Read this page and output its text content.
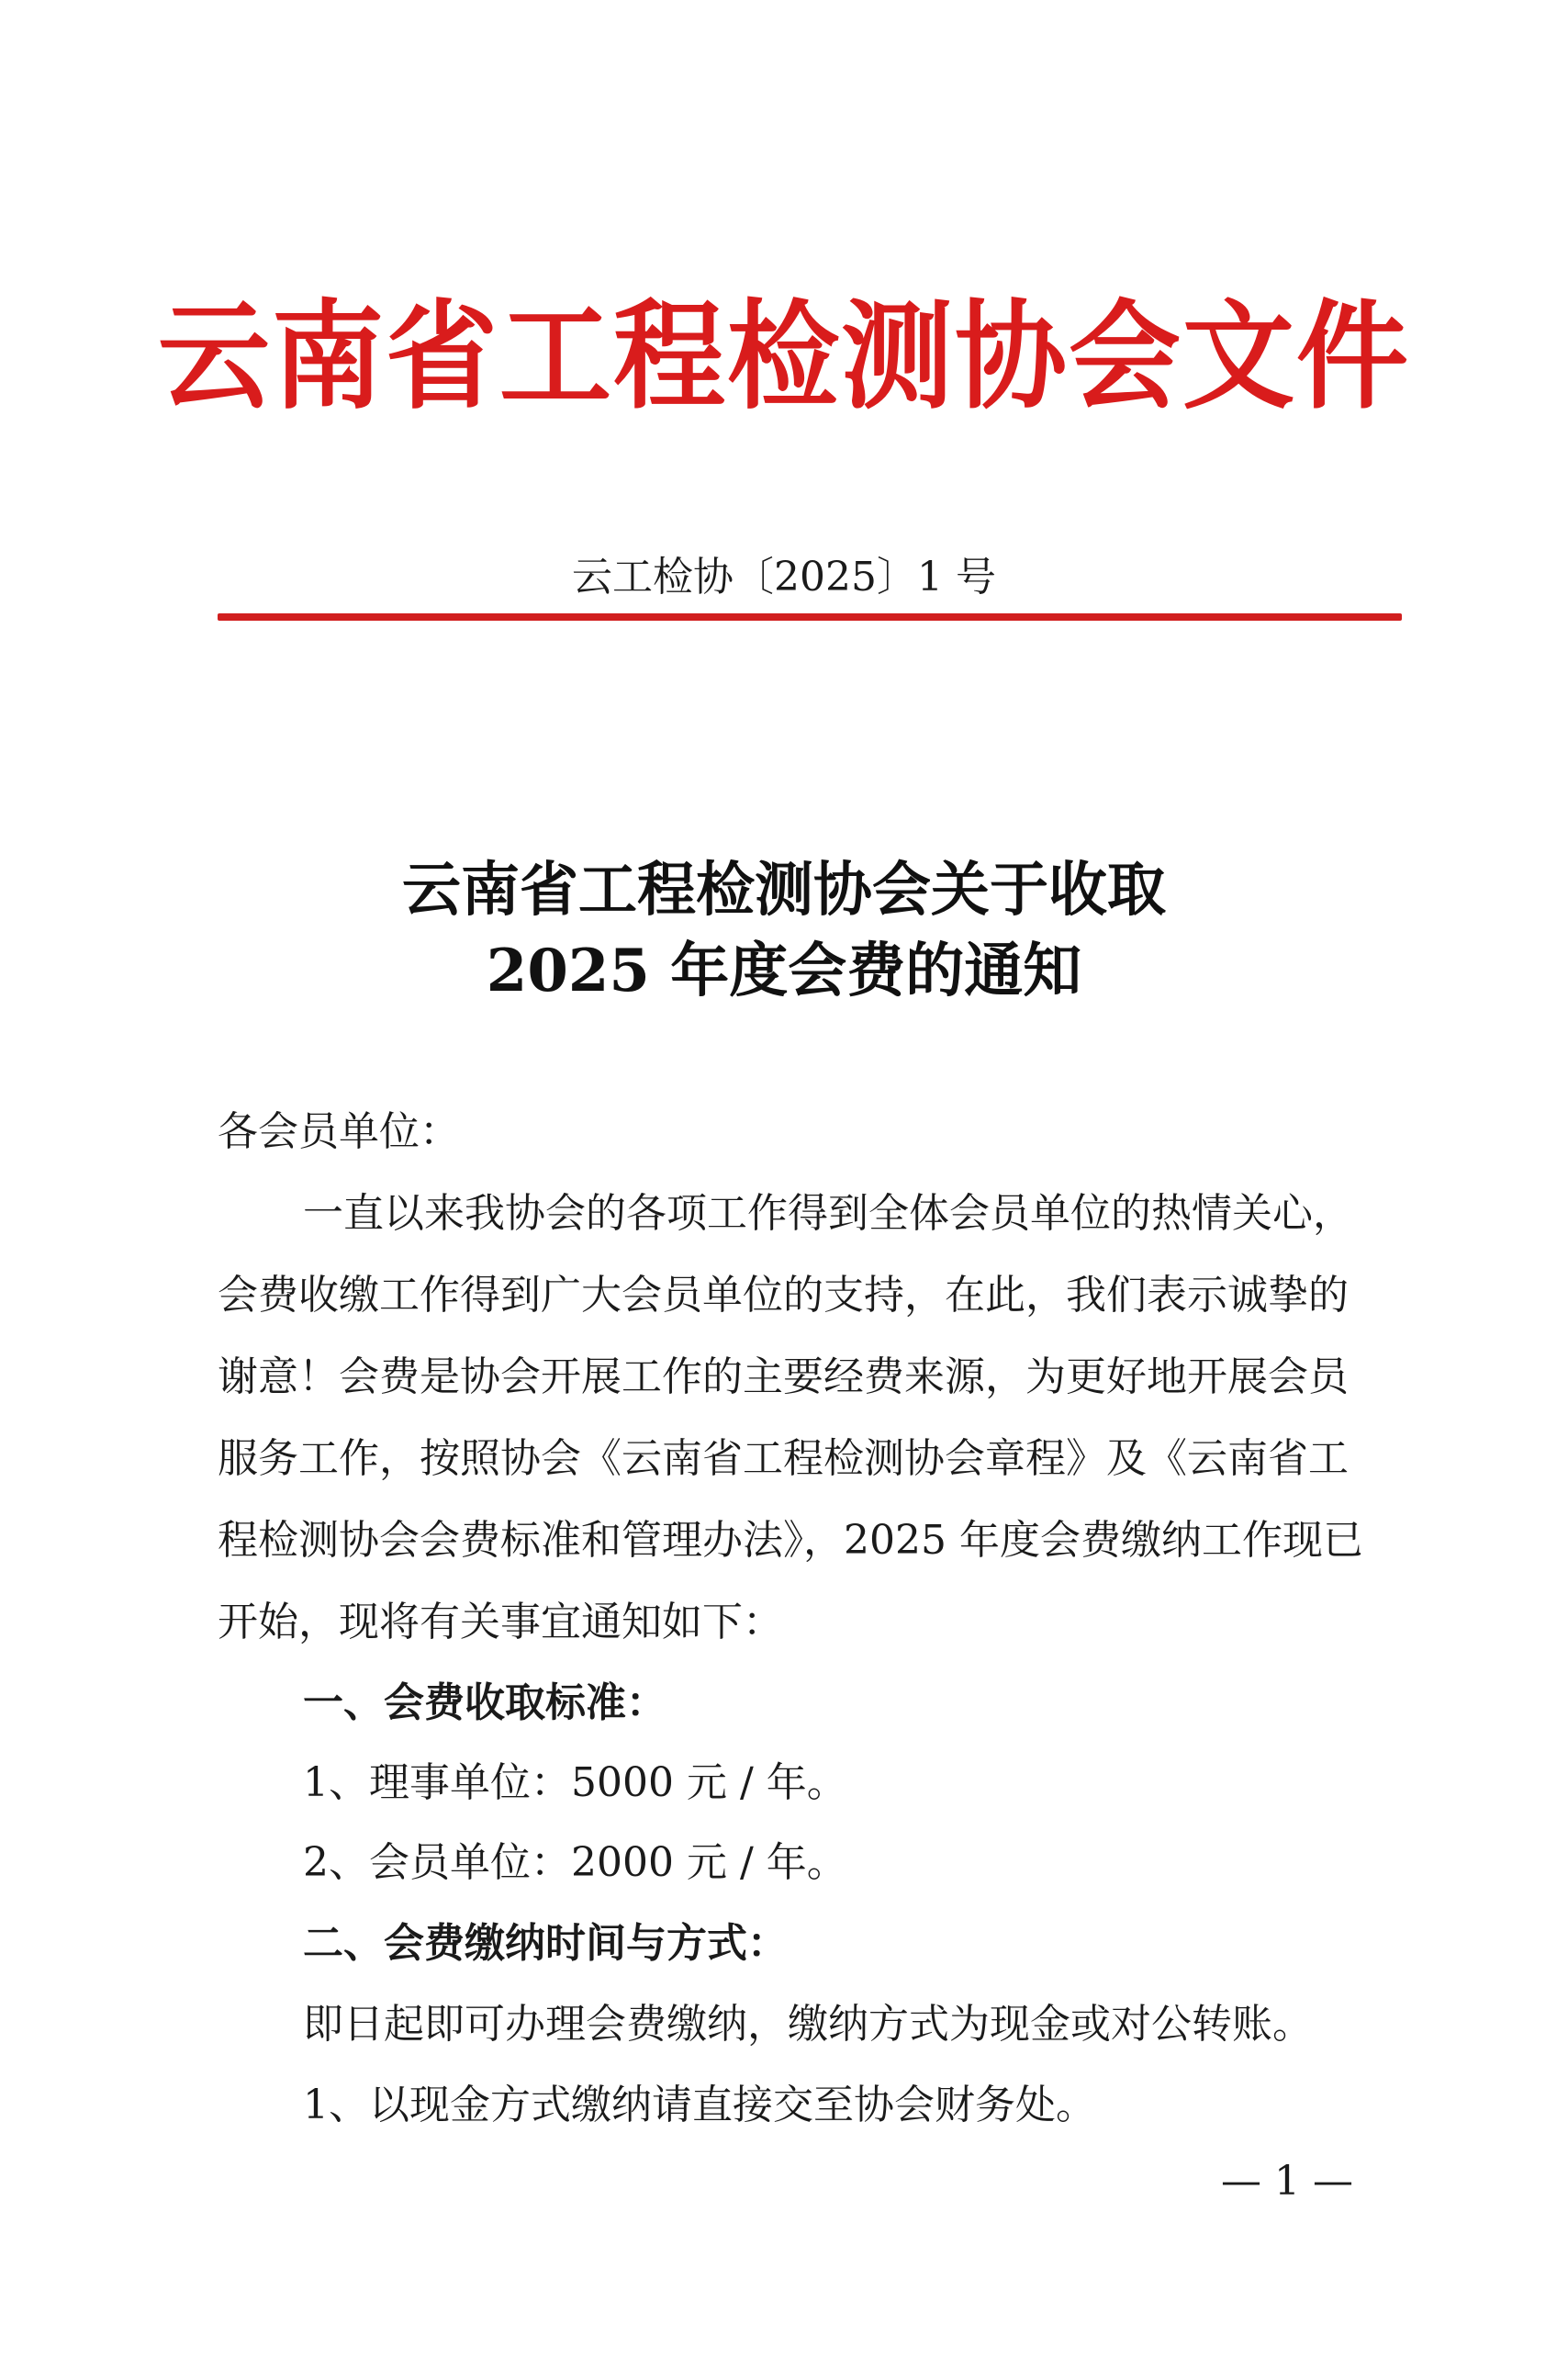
云南省工程检测协会文件
云工检协〔2025〕1 号
云南省工程检测协会关于收取
2025 年度会费的通知
各会员单位：
一直以来我协会的各项工作得到全体会员单位的热情关心，
会费收缴工作得到广大会员单位的支持，在此，我们表示诚挚的
谢意！会费是协会开展工作的主要经费来源，为更好地开展会员
服务工作，按照协会《云南省工程检测协会章程》及《云南省工
程检测协会会费标准和管理办法》，2025 年度会费缴纳工作现已
开始，现将有关事宜通知如下：
一、会费收取标准：
1、理事单位：5000 元 / 年。
2、会员单位：2000 元 / 年。
二、会费缴纳时间与方式：
即日起即可办理会费缴纳，缴纳方式为现金或对公转账。
1、以现金方式缴纳请直接交至协会财务处。
— 1 —
